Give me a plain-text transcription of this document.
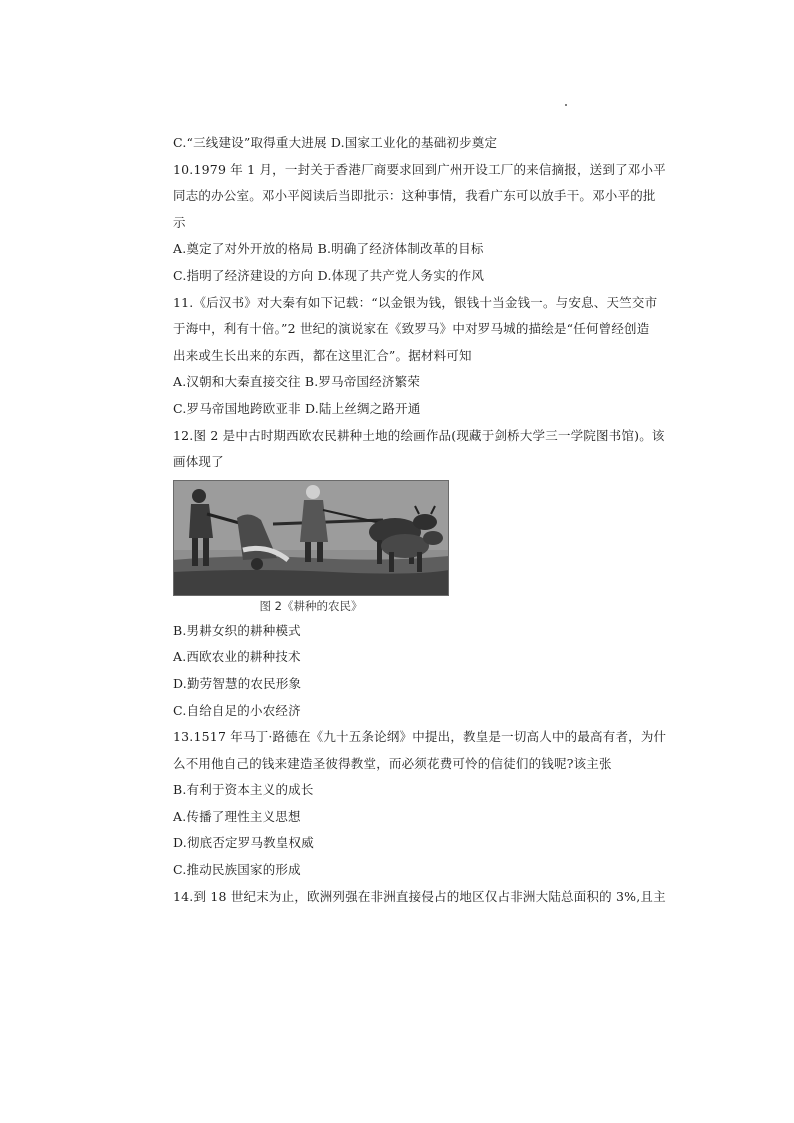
C.“三线建设”取得重大进展 D.国家工业化的基础初步奠定
10.1979 年 1 月，一封关于香港厂商要求回到广州开设工厂的来信摘报，送到了邓小平
同志的办公室。邓小平阅读后当即批示：这种事情，我看广东可以放手干。邓小平的批
示
A.奠定了对外开放的格局 B.明确了经济体制改革的目标
C.指明了经济建设的方向 D.体现了共产党人务实的作风
11.《后汉书》对大秦有如下记载：“以金银为钱，银钱十当金钱一。与安息、天竺交市
于海中，利有十倍。”2 世纪的演说家在《致罗马》中对罗马城的描绘是“任何曾经创造
出来或生长出来的东西，都在这里汇合”。据材料可知
A.汉朝和大秦直接交往 B.罗马帝国经济繁荣
C.罗马帝国地跨欧亚非 D.陆上丝绸之路开通
12.图 2 是中古时期西欧农民耕种土地的绘画作品(现藏于剑桥大学三一学院图书馆)。该
画体现了
图 2《耕种的农民》
B.男耕女织的耕种模式
A.西欧农业的耕种技术
D.勤劳智慧的农民形象
C.自给自足的小农经济
13.1517 年马丁·路德在《九十五条论纲》中提出，教皇是一切高人中的最高有者，为什
么不用他自己的钱来建造圣彼得教堂，而必须花费可怜的信徒们的钱呢?该主张
B.有利于资本主义的成长
A.传播了理性主义思想
D.彻底否定罗马教皇权威
C.推动民族国家的形成
14.到 18 世纪末为止，欧洲列强在非洲直接侵占的地区仅占非洲大陆总面积的 3%,且主
